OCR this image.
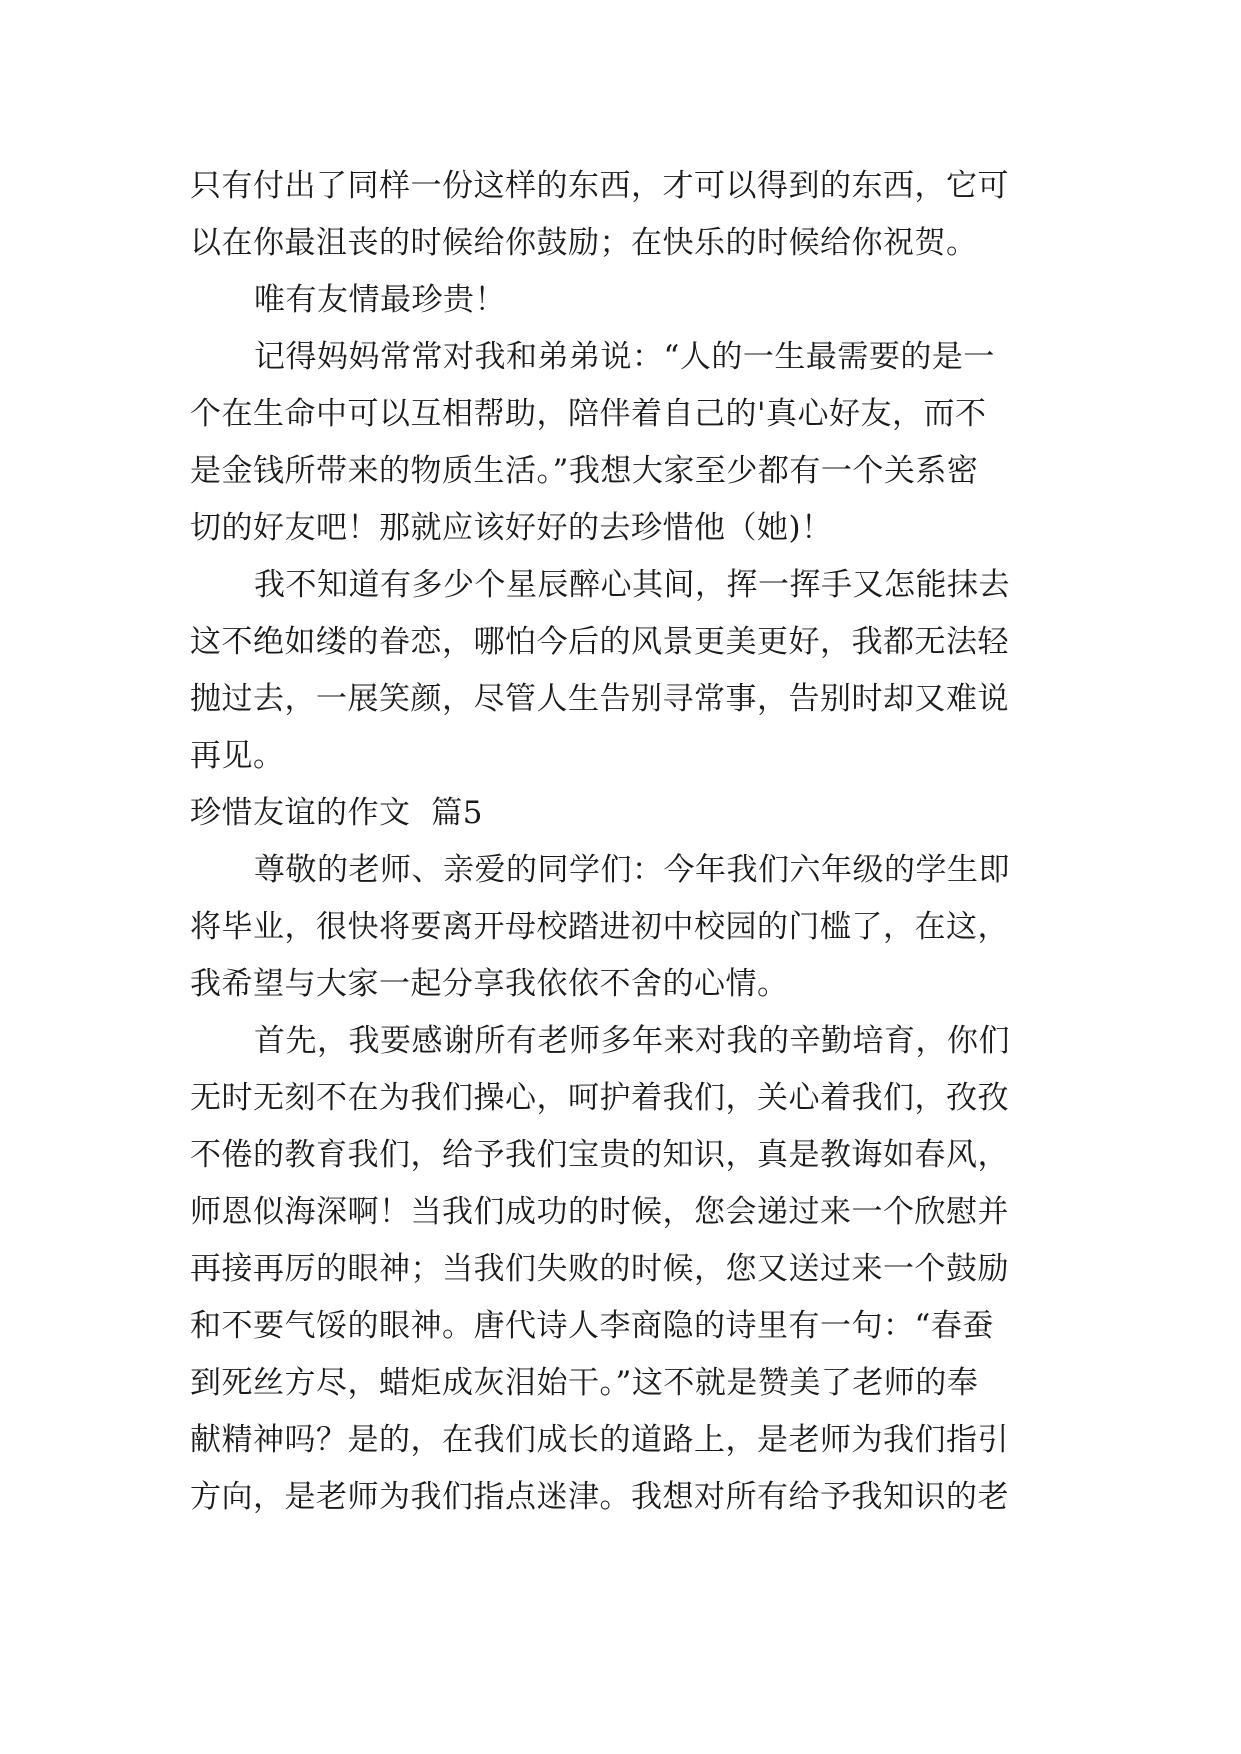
只有付出了同样一份这样的东西，才可以得到的东西，它可
以在你最沮丧的时候给你鼓励；在快乐的时候给你祝贺。
唯有友情最珍贵！
记得妈妈常常对我和弟弟说：“人的一生最需要的是一
个在生命中可以互相帮助，陪伴着自己的'真心好友，而不
是金钱所带来的物质生活。”我想大家至少都有一个关系密
切的好友吧！那就应该好好的去珍惜他（她)！
我不知道有多少个星辰醉心其间，挥一挥手又怎能抹去
这不绝如缕的眷恋，哪怕今后的风景更美更好，我都无法轻
抛过去，一展笑颜，尽管人生告别寻常事，告别时却又难说
再见。
珍惜友谊的作文  篇5
尊敬的老师、亲爱的同学们：今年我们六年级的学生即
将毕业，很快将要离开母校踏进初中校园的门槛了，在这，
我希望与大家一起分享我依依不舍的心情。
首先，我要感谢所有老师多年来对我的辛勤培育，你们
无时无刻不在为我们操心，呵护着我们，关心着我们，孜孜
不倦的教育我们，给予我们宝贵的知识，真是教诲如春风，
师恩似海深啊！当我们成功的时候，您会递过来一个欣慰并
再接再厉的眼神；当我们失败的时候，您又送过来一个鼓励
和不要气馁的眼神。唐代诗人李商隐的诗里有一句：“春蚕
到死丝方尽，蜡炬成灰泪始干。”这不就是赞美了老师的奉
献精神吗？是的，在我们成长的道路上，是老师为我们指引
方向，是老师为我们指点迷津。我想对所有给予我知识的老
